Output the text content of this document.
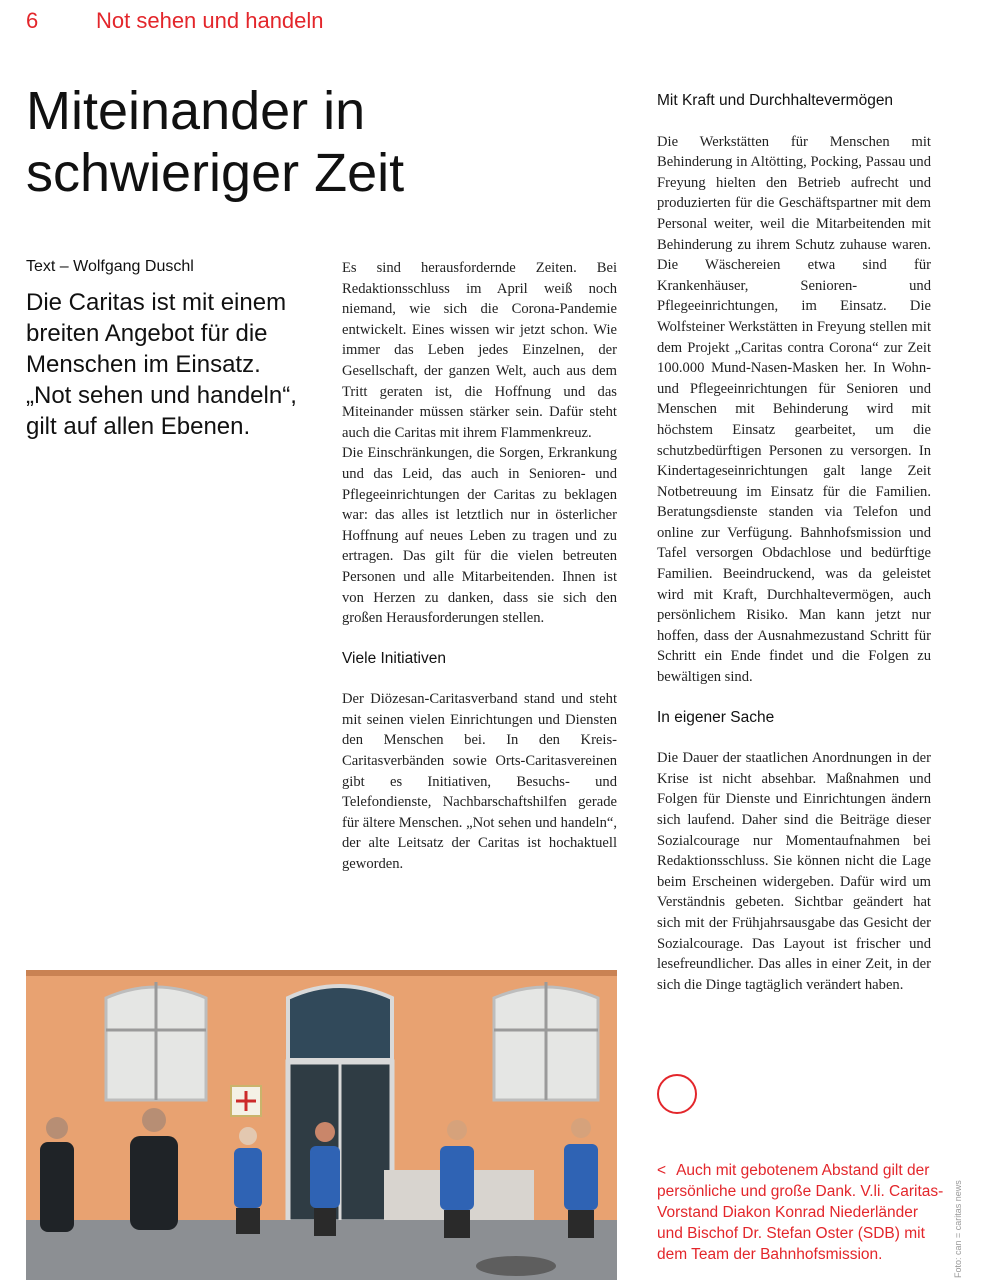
6	Not sehen und handeln
Miteinander in
schwieriger Zeit
Text – Wolfgang Duschl

Die Caritas ist mit einem breiten Angebot für die Menschen im Einsatz. „Not sehen und handeln“, gilt auf allen Ebenen.

Es sind herausfordernde Zeiten. Bei Redaktionsschluss im April weiß noch niemand, wie sich die Corona-Pandemie entwickelt. Eines wissen wir jetzt schon. Wie immer das Leben jedes Einzelnen, der Gesellschaft, der ganzen Welt, auch aus dem Tritt geraten ist, die Hoffnung und das Miteinander müssen stärker sein. Dafür steht auch die Caritas mit ihrem Flammenkreuz.

Die Einschränkungen, die Sorgen, Erkrankung und das Leid, das auch in Senioren- und Pflegeeinrichtungen der Caritas zu beklagen war: das alles ist letztlich nur in österlicher Hoffnung auf neues Leben zu tragen und zu ertragen. Das gilt für die vielen betreuten Personen und alle Mitarbeitenden. Ihnen ist von Herzen zu danken, dass sie sich den großen Herausforderungen stellen.

Viele Initiativen

Der Diözesan-Caritasverband stand und steht mit seinen vielen Einrichtungen und Diensten den Menschen bei. In den Kreis-Caritasverbänden sowie Orts-Caritasvereinen gibt es Initiativen, Besuchs- und Telefondienste, Nachbarschaftshilfen gerade für ältere Menschen. „Not sehen und handeln“, der alte Leitsatz der Caritas ist hochaktuell geworden.

Mit Kraft und Durchhaltevermögen

Die Werkstätten für Menschen mit Behinderung in Altötting, Pocking, Passau und Freyung hielten den Betrieb aufrecht und produzierten für die Geschäftspartner mit dem Personal weiter, weil die Mitarbeitenden mit Behinderung zu ihrem Schutz zuhause waren. Die Wäschereien etwa sind für Krankenhäuser, Senioren- und Pflegeeinrichtungen, im Einsatz. Die Wolfsteiner Werkstätten in Freyung stellen mit dem Projekt „Caritas contra Corona“ zur Zeit 100.000 Mund-Nasen-Masken her. In Wohn- und Pflegeeinrichtungen für Senioren und Menschen mit Behinderung wird mit höchstem Einsatz gearbeitet, um die schutzbedürftigen Personen zu versorgen. In Kindertageseinrichtungen galt lange Zeit Notbetreuung im Einsatz für die Familien. Beratungsdienste standen via Telefon und online zur Verfügung. Bahnhofsmission und Tafel versorgen Obdachlose und bedürftige Familien. Beeindruckend, was da geleistet wird mit Kraft, Durchhaltevermögen, auch persönlichem Risiko. Man kann jetzt nur hoffen, dass der Ausnahmezustand Schritt für Schritt ein Ende findet und die Folgen zu bewältigen sind.

In eigener Sache

Die Dauer der staatlichen Anordnungen in der Krise ist nicht absehbar. Maßnahmen und Folgen für Dienste und Einrichtungen ändern sich laufend. Daher sind die Beiträge dieser Sozialcourage nur Momentaufnahmen bei Redaktionsschluss. Sie können nicht die Lage beim Erscheinen widergeben. Dafür wird um Verständnis gebeten. Sichtbar geändert hat sich mit der Frühjahrsausgabe das Gesicht der Sozialcourage. Das Layout ist frischer und lesefreundlicher. Das alles in einer Zeit, in der sich die Dinge tagtäglich verändert haben.

< Auch mit gebotenem Abstand gilt der persönliche und große Dank. V.li. Caritas-Vorstand Diakon Konrad Niederländer und Bischof Dr. Stefan Oster (SDB) mit dem Team der Bahnhofsmission.	Foto: can = caritas news
